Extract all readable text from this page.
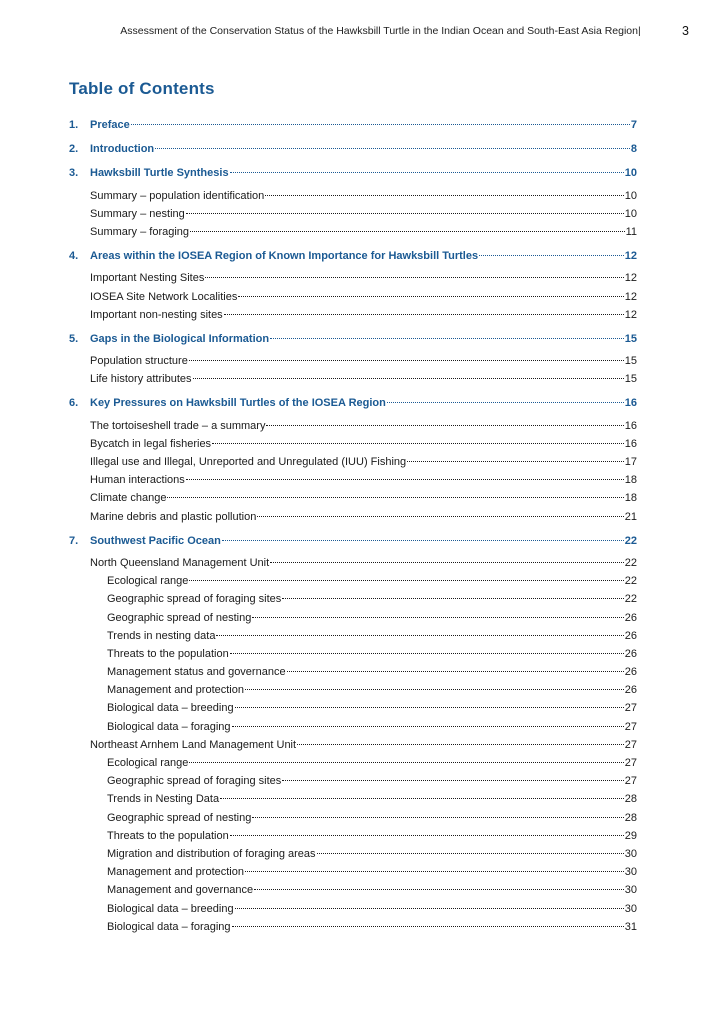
Assessment of the Conservation Status of the Hawksbill Turtle in the Indian Ocean and South-East Asia Region |	3
Table of Contents
1.	Preface	7
2.	Introduction	8
3.	Hawksbill Turtle Synthesis	10
Summary – population identification	10
Summary – nesting	10
Summary – foraging	11
4.	Areas within the IOSEA Region of Known Importance for Hawksbill Turtles	12
Important Nesting Sites	12
IOSEA Site Network Localities	12
Important non-nesting sites	12
5.	Gaps in the Biological Information	15
Population structure	15
Life history attributes	15
6.	Key Pressures on Hawksbill Turtles of the IOSEA Region	16
The tortoiseshell trade – a summary	16
Bycatch in legal fisheries	16
Illegal use and Illegal, Unreported and Unregulated (IUU) Fishing	17
Human interactions	18
Climate change	18
Marine debris and plastic pollution	21
7.	Southwest Pacific Ocean	22
North Queensland Management Unit	22
Ecological range	22
Geographic spread of foraging sites	22
Geographic spread of nesting	26
Trends in nesting data	26
Threats to the population	26
Management status and governance	26
Management and protection	26
Biological data – breeding	27
Biological data – foraging	27
Northeast Arnhem Land Management Unit	27
Ecological range	27
Geographic spread of foraging sites	27
Trends in Nesting Data	28
Geographic spread of nesting	28
Threats to the population	29
Migration and distribution of foraging areas	30
Management and protection	30
Management and governance	30
Biological data – breeding	30
Biological data – foraging	31
